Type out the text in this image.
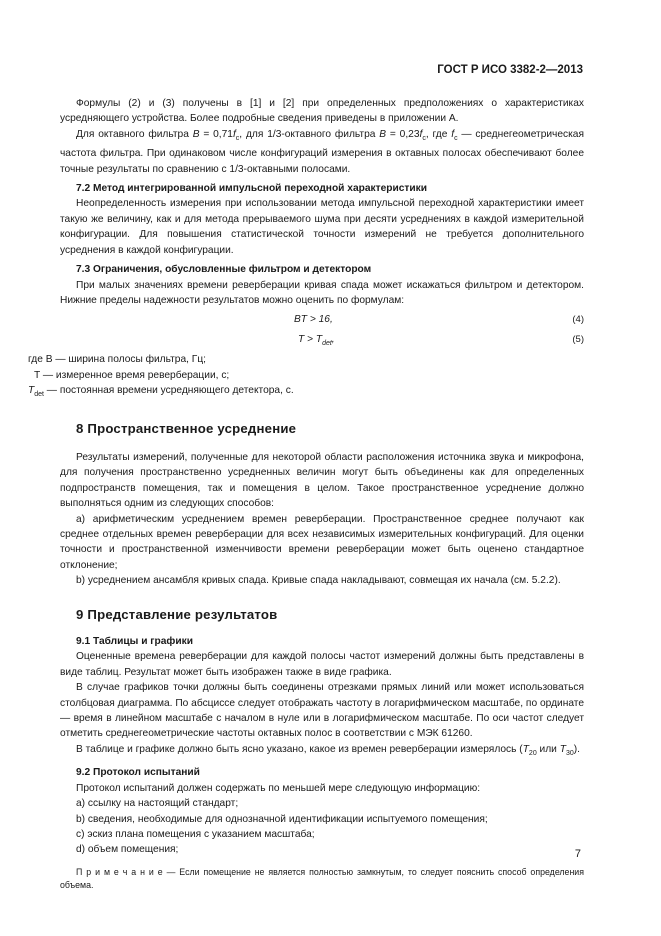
ГОСТ Р ИСО 3382-2—2013

Формулы (2) и (3) получены в [1] и [2] при определенных предположениях о характеристиках усредняющего устройства. Более подробные сведения приведены в приложении А.

Для октавного фильтра $B = 0,71f_c$, для 1/3-октавного фильтра $B = 0,23f_c$, где $f_c$ — среднегеометрическая частота фильтра. При одинаковом числе конфигураций измерения в октавных полосах обеспечивают более точные результаты по сравнению с 1/3-октавными полосами.

7.2 Метод интегрированной импульсной переходной характеристики

Неопределенность измерения при использовании метода импульсной переходной характеристики имеет такую же величину, как и для метода прерываемого шума при десяти усреднениях в каждой измерительной конфигурации. Для повышения статистической точности измерений не требуется дополнительного усреднения в каждой конфигурации.

7.3 Ограничения, обусловленные фильтром и детектором

При малых значениях времени реверберации кривая спада может искажаться фильтром и детектором. Нижние пределы надежности результатов можно оценить по формулам:

BT > 16,	(4)
$T > T_{det}$,	(5)

где B — ширина полосы фильтра, Гц;

T — измеренное время реверберации, с;

$T_{det}$ — постоянная времени усредняющего детектора, с.

8 Пространственное усреднение

Результаты измерений, полученные для некоторой области расположения источника звука и микрофона, для получения пространственно усредненных величин могут быть объединены как для определенных подпространств помещения, так и помещения в целом. Такое пространственное усреднение должно выполняться одним из следующих способов:

а) арифметическим усреднением времен реверберации. Пространственное среднее получают как среднее отдельных времен реверберации для всех независимых измерительных конфигураций. Для оценки точности и пространственной изменчивости времени реверберации может быть оценено стандартное отклонение;

b) усреднением ансамбля кривых спада. Кривые спада накладывают, совмещая их начала (см. 5.2.2).

9 Представление результатов
9.1 Таблицы и графики

Оцененные времена реверберации для каждой полосы частот измерений должны быть представлены в виде таблиц. Результат может быть изображен также в виде графика.

В случае графиков точки должны быть соединены отрезками прямых линий или может использоваться столбцовая диаграмма. По абсциссе следует отображать частоту в логарифмическом масштабе, по ординате — время в линейном масштабе с началом в нуле или в логарифмическом масштабе. По оси частот следует отметить среднегеометрические частоты октавных полос в соответствии с МЭК 61260.

В таблице и графике должно быть ясно указано, какое из времен реверберации измерялось ($T_{20}$ или $T_{30}$).

9.2 Протокол испытаний

Протокол испытаний должен содержать по меньшей мере следующую информацию:

а) ссылку на настоящий стандарт;

b) сведения, необходимые для однозначной идентификации испытуемого помещения;

с) эскиз плана помещения с указанием масштаба;

d) объем помещения;

П р и м е ч а н и е — Если помещение не является полностью замкнутым, то следует пояснить способ определения объема.

7
